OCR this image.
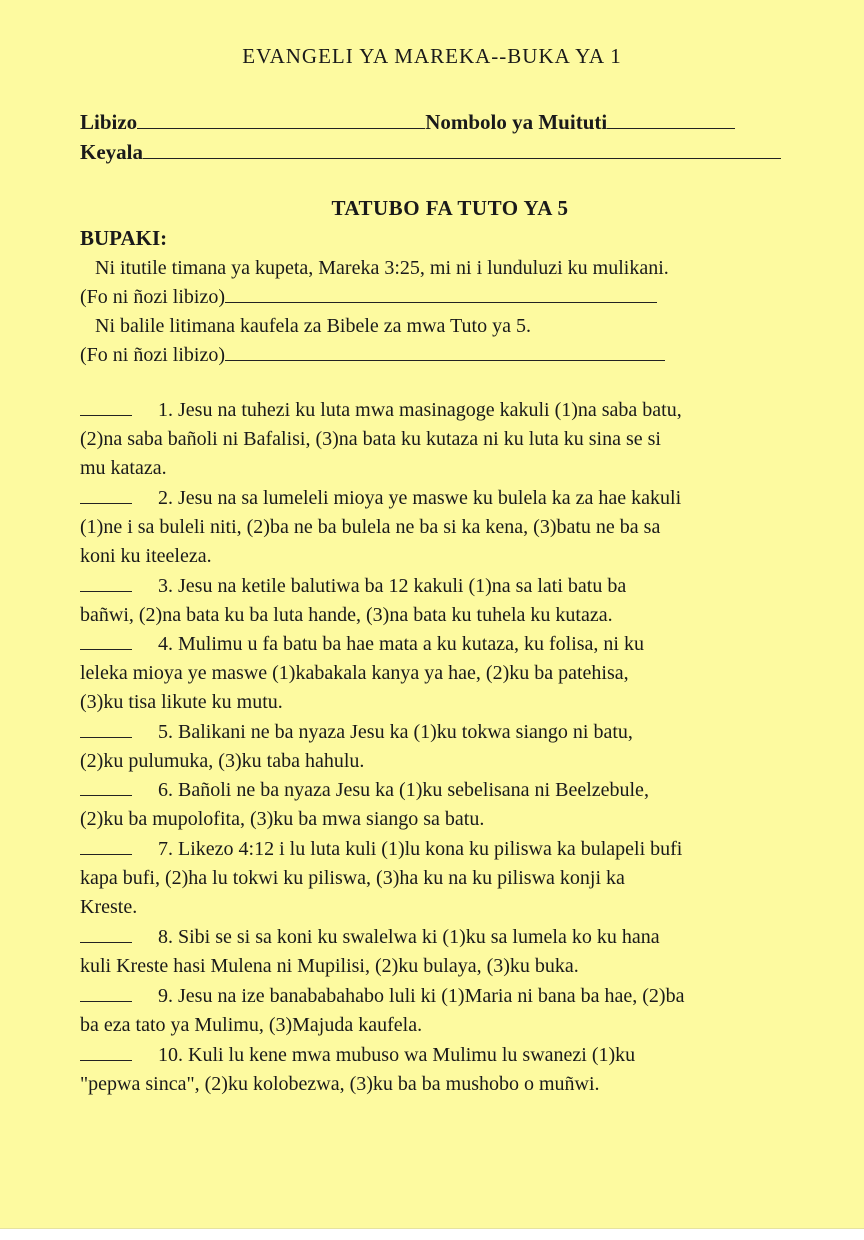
EVANGELI YA MAREKA--BUKA YA 1
Libizo	Nombolo ya Muituti
Keyala
TATUBO FA TUTO YA 5
BUPAKI:
Ni itutile timana ya kupeta, Mareka 3:25, mi ni i lunduluzi ku mulikani.
(Fo ni ñozi libizo)
Ni balile litimana kaufela za Bibele za mwa Tuto ya 5.
(Fo ni ñozi libizo)
1. Jesu na tuhezi ku luta mwa masinagoge kakuli (1)na saba batu,
(2)na saba bañoli ni Bafalisi, (3)na bata ku kutaza ni ku luta ku sina se si
mu kataza.
2. Jesu na sa lumeleli mioya ye maswe ku bulela ka za hae kakuli
(1)ne i sa buleli niti, (2)ba ne ba bulela ne ba si ka kena, (3)batu ne ba sa
koni ku iteeleza.
3. Jesu na ketile balutiwa ba 12 kakuli (1)na sa lati batu ba
bañwi, (2)na bata ku ba luta hande, (3)na bata ku tuhela ku kutaza.
4. Mulimu u fa batu ba hae mata a ku kutaza, ku folisa, ni ku
leleka mioya ye maswe (1)kabakala kanya ya hae, (2)ku ba patehisa,
(3)ku tisa likute ku mutu.
5. Balikani ne ba nyaza Jesu ka (1)ku tokwa siango ni batu,
(2)ku pulumuka, (3)ku taba hahulu.
6. Bañoli ne ba nyaza Jesu ka (1)ku sebelisana ni Beelzebule,
(2)ku ba mupolofita, (3)ku ba mwa siango sa batu.
7. Likezo 4:12 i lu luta kuli (1)lu kona ku piliswa ka bulapeli bufi
kapa bufi, (2)ha lu tokwi ku piliswa, (3)ha ku na ku piliswa konji ka
Kreste.
8. Sibi se si sa koni ku swalelwa ki (1)ku sa lumela ko ku hana
kuli Kreste hasi Mulena ni Mupilisi, (2)ku bulaya, (3)ku buka.
9. Jesu na ize banababahabo luli ki (1)Maria ni bana ba hae, (2)ba
ba eza tato ya Mulimu, (3)Majuda kaufela.
10. Kuli lu kene mwa mubuso wa Mulimu lu swanezi (1)ku
"pepwa sinca", (2)ku kolobezwa, (3)ku ba ba mushobo o muñwi.
